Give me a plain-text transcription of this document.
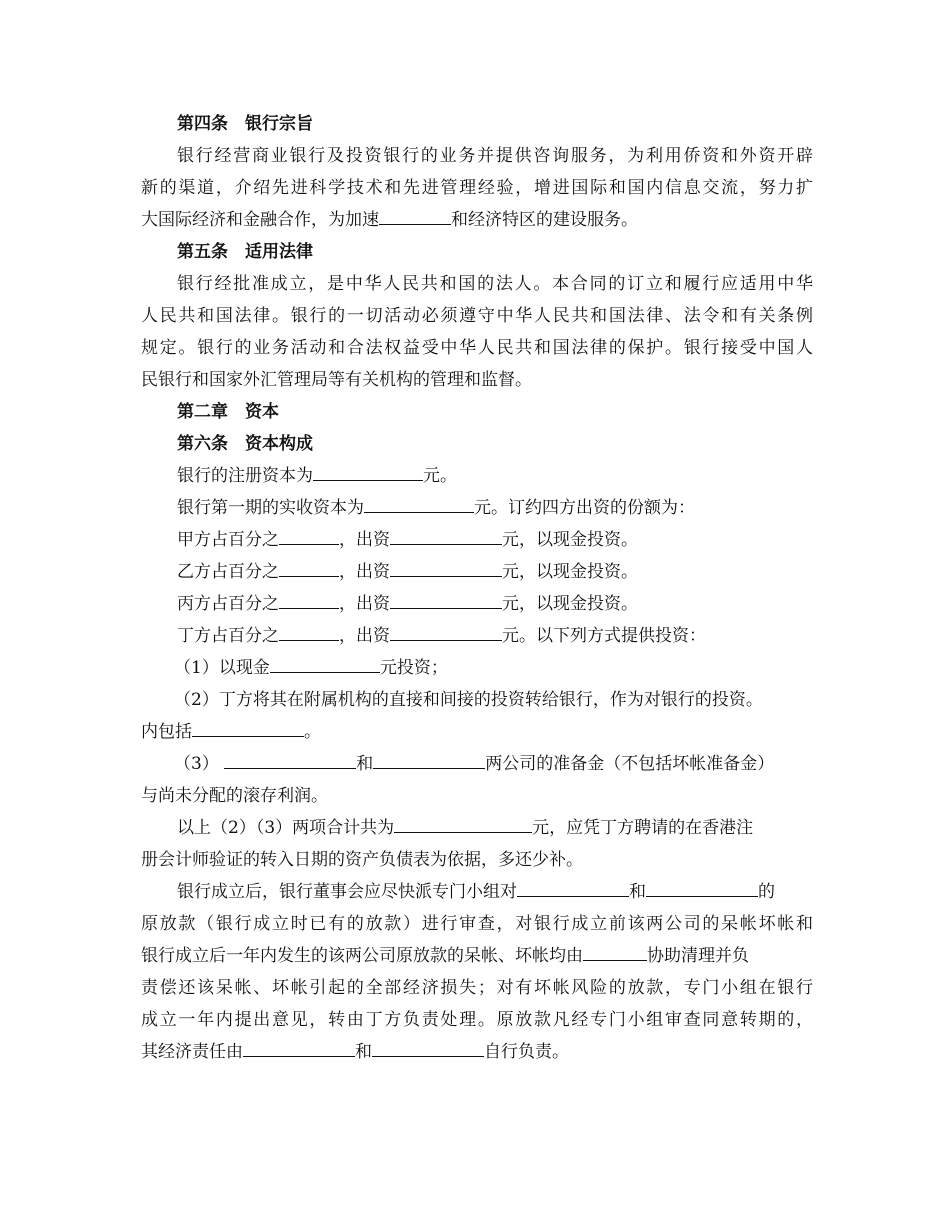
第四条 银行宗旨
银行经营商业银行及投资银行的业务并提供咨询服务，为利用侨资和外资开辟
新的渠道，介绍先进科学技术和先进管理经验，增进国际和国内信息交流，努力扩
大国际经济和金融合作，为加速	和经济特区的建设服务。
第五条 适用法律
银行经批准成立，是中华人民共和国的法人。本合同的订立和履行应适用中华
人民共和国法律。银行的一切活动必须遵守中华人民共和国法律、法令和有关条例
规定。银行的业务活动和合法权益受中华人民共和国法律的保护。银行接受中国人
民银行和国家外汇管理局等有关机构的管理和监督。
第二章 资本
第六条 资本构成
银行的注册资本为	元。
银行第一期的实收资本为	元。订约四方出资的份额为：
甲方占百分之	，出资	元，以现金投资。
乙方占百分之	，出资	元，以现金投资。
丙方占百分之	，出资	元，以现金投资。
丁方占百分之	，出资	元。以下列方式提供投资：
（1）以现金	元投资；
（2）丁方将其在附属机构的直接和间接的投资转给银行，作为对银行的投资。
内包括	。
（3）	和	两公司的准备金（不包括坏帐准备金）
与尚未分配的滚存利润。
以上（2）（3）两项合计共为	元，应凭丁方聘请的在香港注
册会计师验证的转入日期的资产负债表为依据，多还少补。
银行成立后，银行董事会应尽快派专门小组对	和	的
原放款（银行成立时已有的放款）进行审查，对银行成立前该两公司的呆帐坏帐和
银行成立后一年内发生的该两公司原放款的呆帐、坏帐均由	协助清理并负
责偿还该呆帐、坏帐引起的全部经济损失；对有坏帐风险的放款，专门小组在银行
成立一年内提出意见，转由丁方负责处理。原放款凡经专门小组审查同意转期的，
其经济责任由	和	自行负责。
